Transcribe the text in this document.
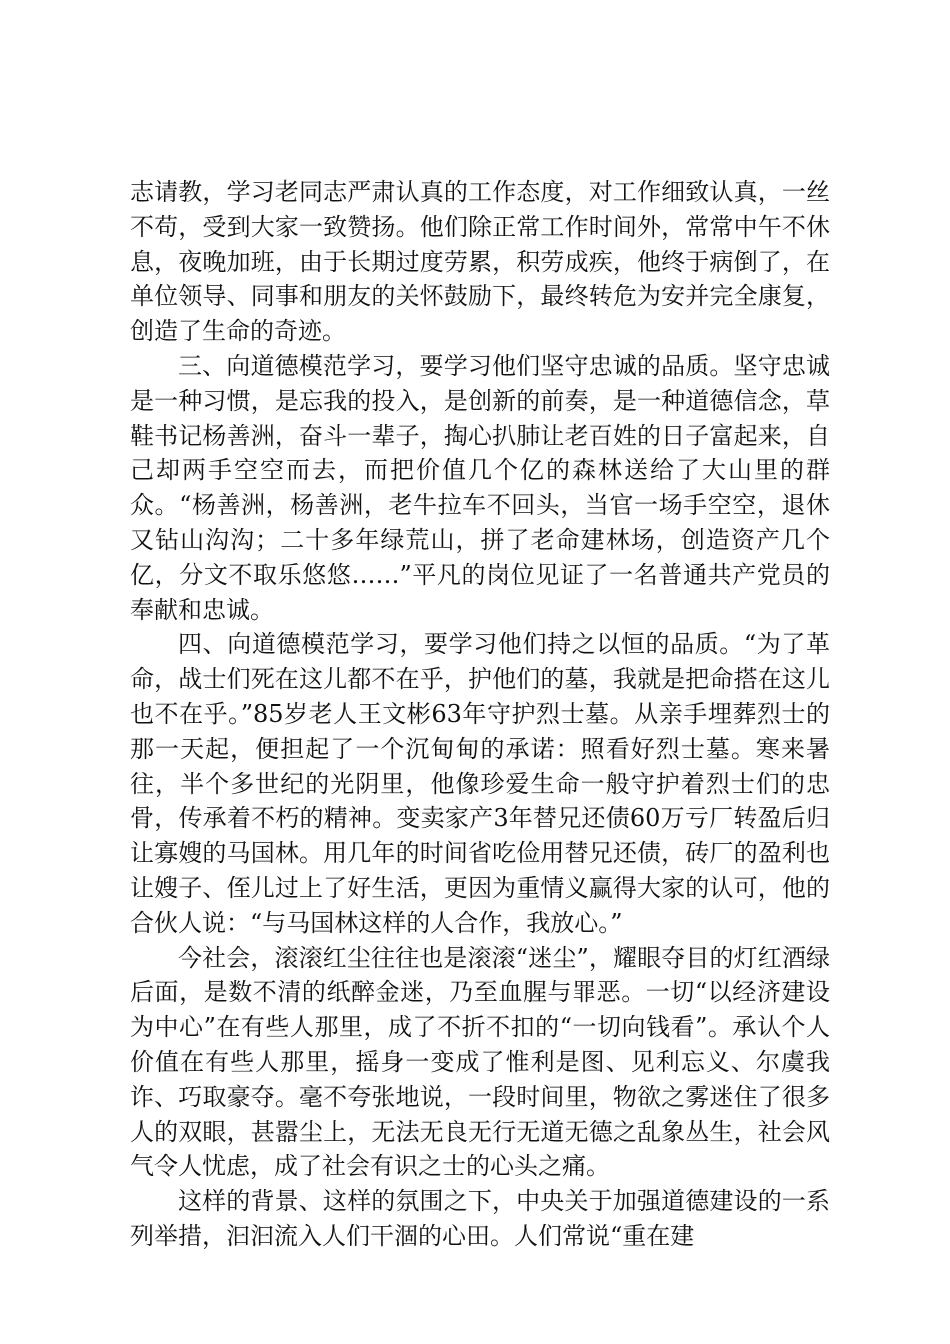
志请教，学习老同志严肃认真的工作态度，对工作细致认真，一丝不苟，受到大家一致赞扬。他们除正常工作时间外，常常中午不休息，夜晚加班，由于长期过度劳累，积劳成疾，他终于病倒了，在单位领导、同事和朋友的关怀鼓励下，最终转危为安并完全康复，创造了生命的奇迹。

三、向道德模范学习，要学习他们坚守忠诚的品质。坚守忠诚是一种习惯，是忘我的投入，是创新的前奏，是一种道德信念，草鞋书记杨善洲，奋斗一辈子，掏心扒肺让老百姓的日子富起来，自己却两手空空而去，而把价值几个亿的森林送给了大山里的群众。“杨善洲，杨善洲，老牛拉车不回头，当官一场手空空，退休又钻山沟沟；二十多年绿荒山，拼了老命建林场，创造资产几个亿，分文不取乐悠悠……”平凡的岗位见证了一名普通共产党员的奉献和忠诚。

四、向道德模范学习，要学习他们持之以恒的品质。“为了革命，战士们死在这儿都不在乎，护他们的墓，我就是把命搭在这儿也不在乎。”85岁老人王文彬63年守护烈士墓。从亲手埋葬烈士的那一天起，便担起了一个沉甸甸的承诺：照看好烈士墓。寒来暑往，半个多世纪的光阴里，他像珍爱生命一般守护着烈士们的忠骨，传承着不朽的精神。变卖家产3年替兄还债60万亏厂转盈后归让寡嫂的马国林。用几年的时间省吃俭用替兄还债，砖厂的盈利也让嫂子、侄儿过上了好生活，更因为重情义赢得大家的认可，他的合伙人说：“与马国林这样的人合作，我放心。”

今社会，滚滚红尘往往也是滚滚“迷尘”，耀眼夺目的灯红酒绿后面，是数不清的纸醉金迷，乃至血腥与罪恶。一切“以经济建设为中心”在有些人那里，成了不折不扣的“一切向钱看”。承认个人价值在有些人那里，摇身一变成了惟利是图、见利忘义、尔虞我诈、巧取豪夺。毫不夸张地说，一段时间里，物欲之雾迷住了很多人的双眼，甚嚣尘上，无法无良无行无道无德之乱象丛生，社会风气令人忧虑，成了社会有识之士的心头之痛。

这样的背景、这样的氛围之下，中央关于加强道德建设的一系列举措，汩汩流入人们干涸的心田。人们常说“重在建
